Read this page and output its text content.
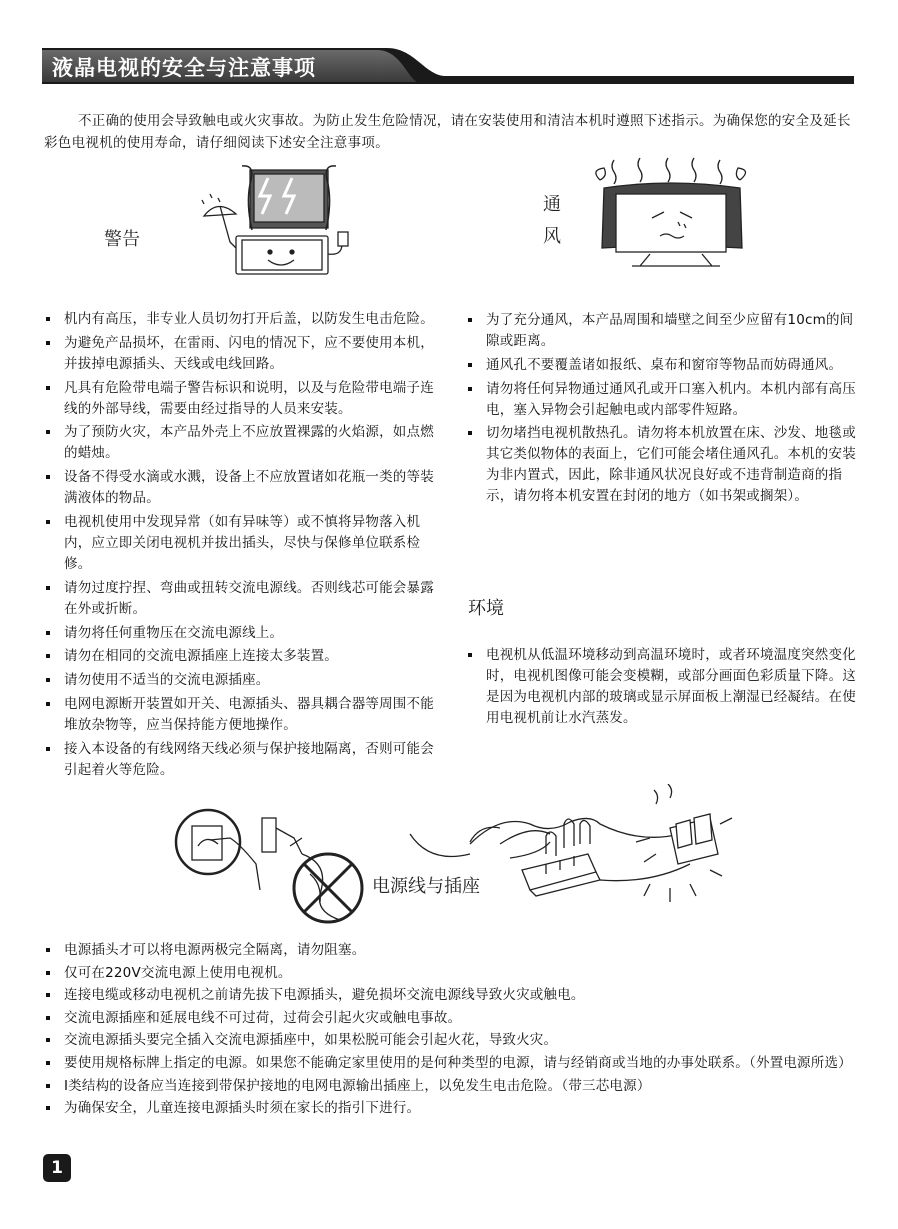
液晶电视的安全与注意事项
不正确的使用会导致触电或火灾事故。为防止发生危险情况，请在安装使用和清洁本机时遵照下述指示。为确保您的安全及延长彩色电视机的使用寿命，请仔细阅读下述安全注意事项。
警告
通
风
机内有高压，非专业人员切勿打开后盖，以防发生电击危险。
为避免产品损坏，在雷雨、闪电的情况下，应不要使用本机，并拔掉电源插头、天线或电线回路。
凡具有危险带电端子警告标识和说明，以及与危险带电端子连线的外部导线，需要由经过指导的人员来安装。
为了预防火灾，本产品外壳上不应放置裸露的火焰源，如点燃的蜡烛。
设备不得受水滴或水溅，设备上不应放置诸如花瓶一类的等装满液体的物品。
电视机使用中发现异常（如有异味等）或不慎将异物落入机内，应立即关闭电视机并拔出插头，尽快与保修单位联系检修。
请勿过度拧捏、弯曲或扭转交流电源线。否则线芯可能会暴露在外或折断。
请勿将任何重物压在交流电源线上。
请勿在相同的交流电源插座上连接太多装置。
请勿使用不适当的交流电源插座。
电网电源断开装置如开关、电源插头、器具耦合器等周围不能堆放杂物等，应当保持能方便地操作。
接入本设备的有线网络天线必须与保护接地隔离，否则可能会引起着火等危险。
为了充分通风，本产品周围和墙壁之间至少应留有10cm的间隙或距离。
通风孔不要覆盖诸如报纸、桌布和窗帘等物品而妨碍通风。
请勿将任何异物通过通风孔或开口塞入机内。本机内部有高压电，塞入异物会引起触电或内部零件短路。
切勿堵挡电视机散热孔。请勿将本机放置在床、沙发、地毯或其它类似物体的表面上，它们可能会堵住通风孔。本机的安装为非内置式，因此，除非通风状况良好或不违背制造商的指示，请勿将本机安置在封闭的地方（如书架或搁架）。
环境
电视机从低温环境移动到高温环境时，或者环境温度突然变化时，电视机图像可能会变模糊，或部分画面色彩质量下降。这是因为电视机内部的玻璃或显示屏面板上潮湿已经凝结。在使用电视机前让水汽蒸发。
电源线与插座
电源插头才可以将电源两极完全隔离，请勿阻塞。
仅可在220V交流电源上使用电视机。
连接电缆或移动电视机之前请先拔下电源插头，避免损坏交流电源线导致火灾或触电。
交流电源插座和延展电线不可过荷，过荷会引起火灾或触电事故。
交流电源插头要完全插入交流电源插座中，如果松脱可能会引起火花，导致火灾。
要使用规格标牌上指定的电源。如果您不能确定家里使用的是何种类型的电源，请与经销商或当地的办事处联系。（外置电源所选）
Ⅰ类结构的设备应当连接到带保护接地的电网电源输出插座上，以免发生电击危险。（带三芯电源）
为确保安全，儿童连接电源插头时须在家长的指引下进行。
1
